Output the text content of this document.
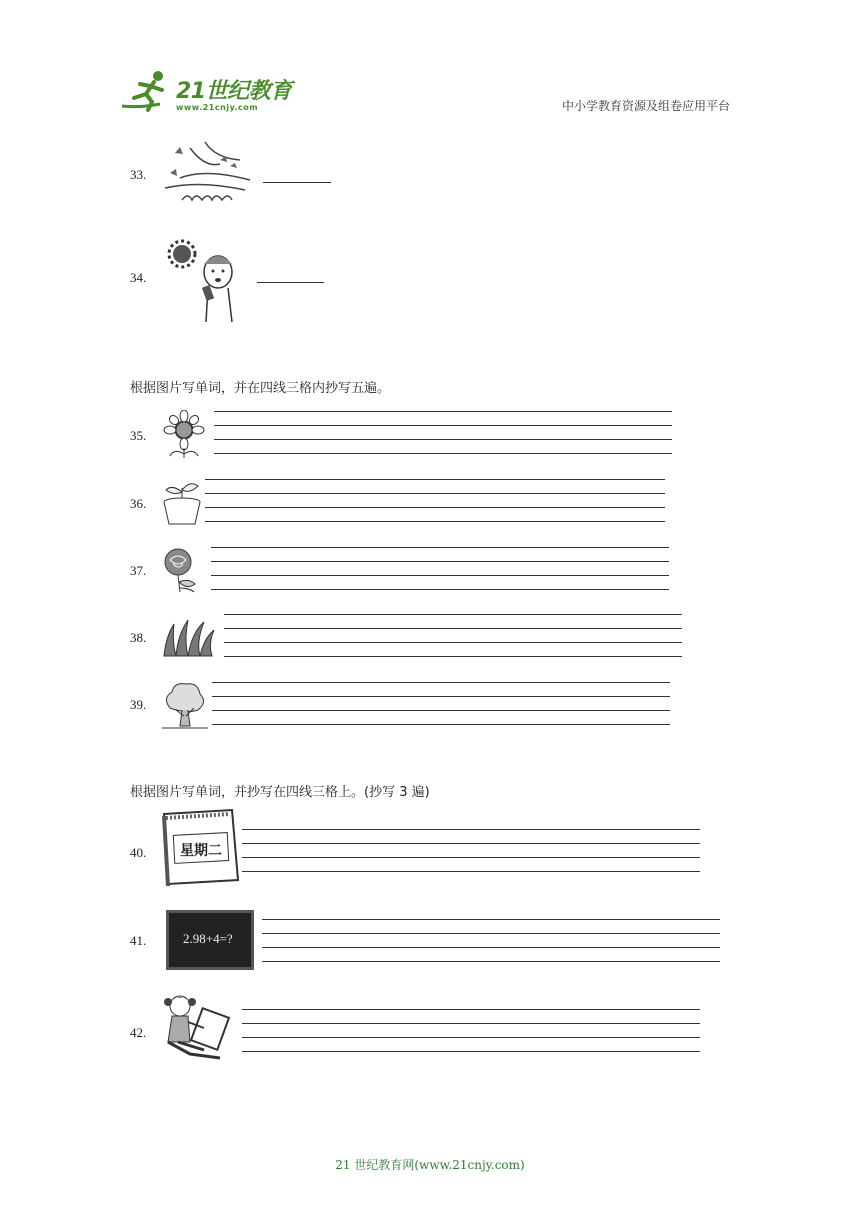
21世纪教育
www.21cnjy.com	中小学教育资源及组卷应用平台
33.
34.
根据图片写单词，并在四线三格内抄写五遍。
35.
36.
37.
38.
39.
根据图片写单词，并抄写在四线三格上。(抄写 3 遍)
40. 星期二
41.	2.98+4=?
42.
21 世纪教育网(www.21cnjy.com)
